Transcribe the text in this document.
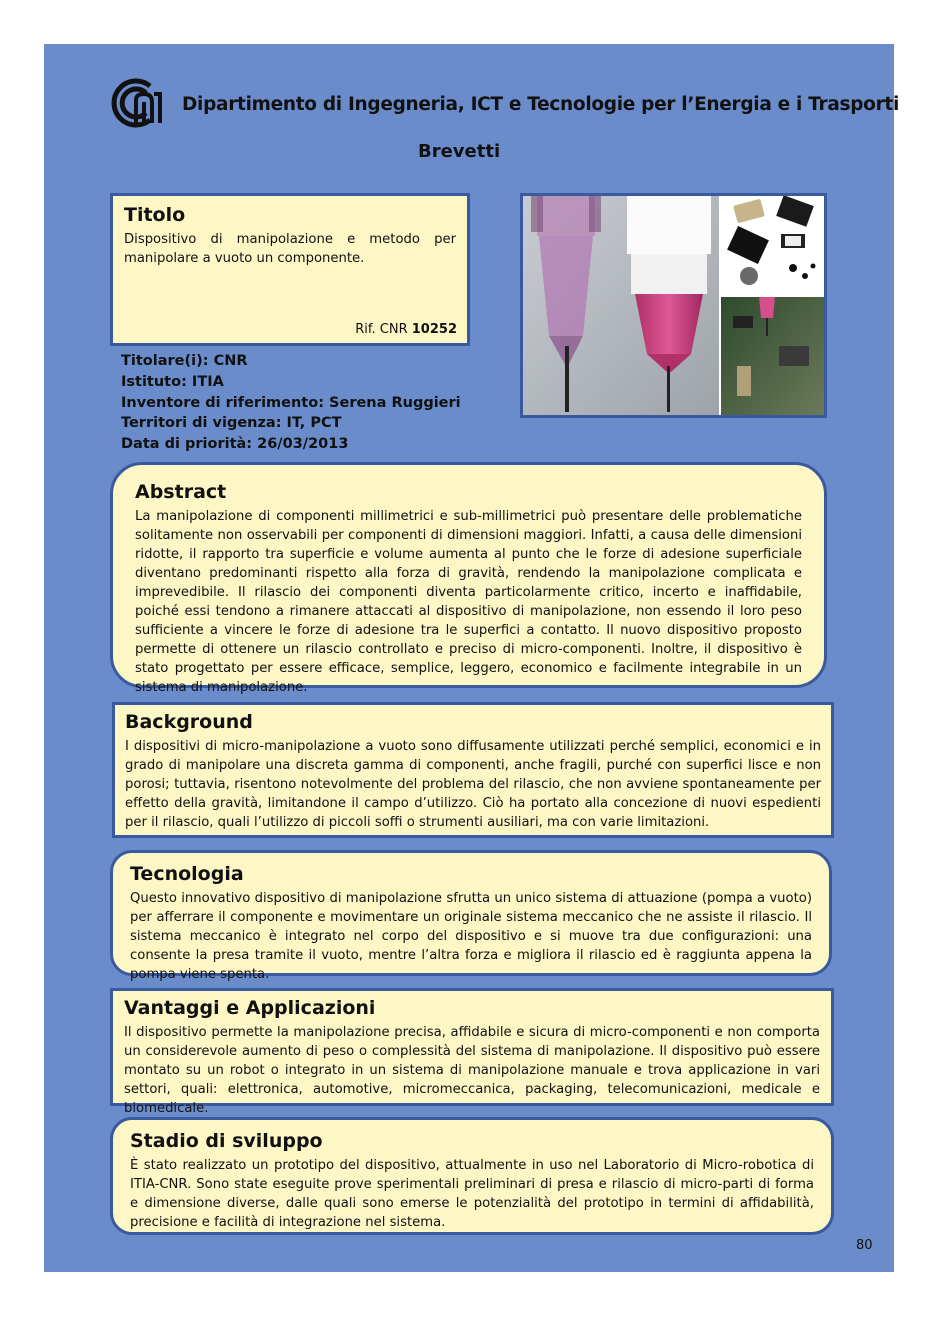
Dipartimento di Ingegneria, ICT e Tecnologie per l’Energia e i Trasporti
Brevetti
Titolo

Dispositivo di manipolazione e metodo per manipolare a vuoto un componente.

Rif. CNR 10252
Titolare(i): CNR
Istituto: ITIA
Inventore di riferimento: Serena Ruggieri
Territori di vigenza: IT, PCT
Data di priorità: 26/03/2013
Abstract

La manipolazione di componenti millimetrici e sub-millimetrici può presentare delle problematiche solitamente non osservabili per componenti di dimensioni maggiori. Infatti, a causa delle dimensioni ridotte, il rapporto tra superficie e volume aumenta al punto che le forze di adesione superficiale diventano predominanti rispetto alla forza di gravità, rendendo la manipolazione complicata e imprevedibile. Il rilascio dei componenti diventa particolarmente critico, incerto e inaffidabile, poiché essi tendono a rimanere attaccati al dispositivo di manipolazione, non essendo il loro peso sufficiente a vincere le forze di adesione tra le superfici a contatto. Il nuovo dispositivo proposto permette di ottenere un rilascio controllato e preciso di micro-componenti. Inoltre, il dispositivo è stato progettato per essere efficace, semplice, leggero, economico e facilmente integrabile in un sistema di manipolazione.

Background

I dispositivi di micro-manipolazione a vuoto sono diffusamente utilizzati perché semplici, economici e in grado di manipolare una discreta gamma di componenti, anche fragili, purché con superfici lisce e non porosi; tuttavia, risentono notevolmente del problema del rilascio, che non avviene spontaneamente per effetto della gravità, limitandone il campo d’utilizzo. Ciò ha portato alla concezione di nuovi espedienti per il rilascio, quali l’utilizzo di piccoli soffi o strumenti ausiliari, ma con varie limitazioni.

Tecnologia

Questo innovativo dispositivo di manipolazione sfrutta un unico sistema di attuazione (pompa a vuoto) per afferrare il componente e movimentare un originale sistema meccanico che ne assiste il rilascio. Il sistema meccanico è integrato nel corpo del dispositivo e si muove tra due configurazioni: una consente la presa tramite il vuoto, mentre l’altra forza e migliora il rilascio ed è raggiunta appena la pompa viene spenta.

Vantaggi e Applicazioni

Il dispositivo permette la manipolazione precisa, affidabile e sicura di micro-componenti e non comporta un considerevole aumento di peso o complessità del sistema di manipolazione. Il dispositivo può essere montato su un robot o integrato in un sistema di manipolazione manuale e trova applicazione in vari settori, quali: elettronica, automotive, micromeccanica, packaging, telecomunicazioni, medicale e biomedicale.

Stadio di sviluppo

È stato realizzato un prototipo del dispositivo, attualmente in uso nel Laboratorio di Micro-robotica di ITIA-CNR. Sono state eseguite prove sperimentali preliminari di presa e rilascio di micro-parti di forma e dimensione diverse, dalle quali sono emerse le potenzialità del prototipo in termini di affidabilità, precisione e facilità di integrazione nel sistema.

80
